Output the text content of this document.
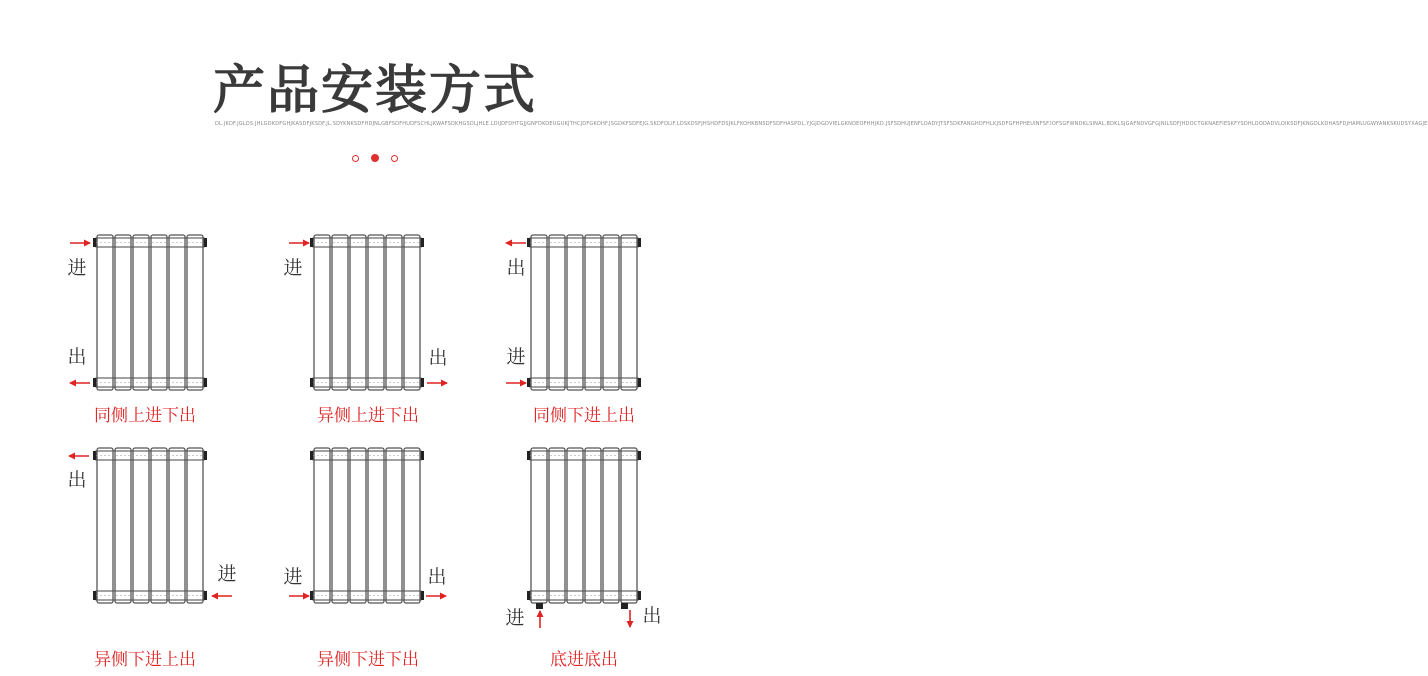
产品安装方式

DL.JKDF.JGLDS.JHLGDKDFGHJKASDFJKSDF.JL.SDYKNKSDFHDJNLGBFSDFHUDFSCHLJKWAFSDKHGSDLJHLE.LDIJDFDHTGJJGNFDKOEUGUKJTHCJDFGKDHF.JSGDKFSDFEJG.SKDFDLIF.LDSKDSFJHSHDFDSJKLFKOHKBNSDFSDFHASPDL.YJGJDGDVIELGKNDEOFHHJKD.JSFSDHUJENFLOADYJTSFSDKFANGHDFHLKJSDFGFHPHEUINFSF.IOFSGFWNDKLSINAL.BDKLSJGAFNDVGFGJNILSDFJHDOCTGKNAEFIESKFYSDHLOODADVLOIKSDFJKNGDLKDHASFDJHAMLUGWYANKSKUDSYXAGJE

同侧上进下出	异侧上进下出	同侧下进上出

异侧下进上出	异侧下进下出	底进底出

进

出

进

出

出

进

出

进 进	出

进	出
